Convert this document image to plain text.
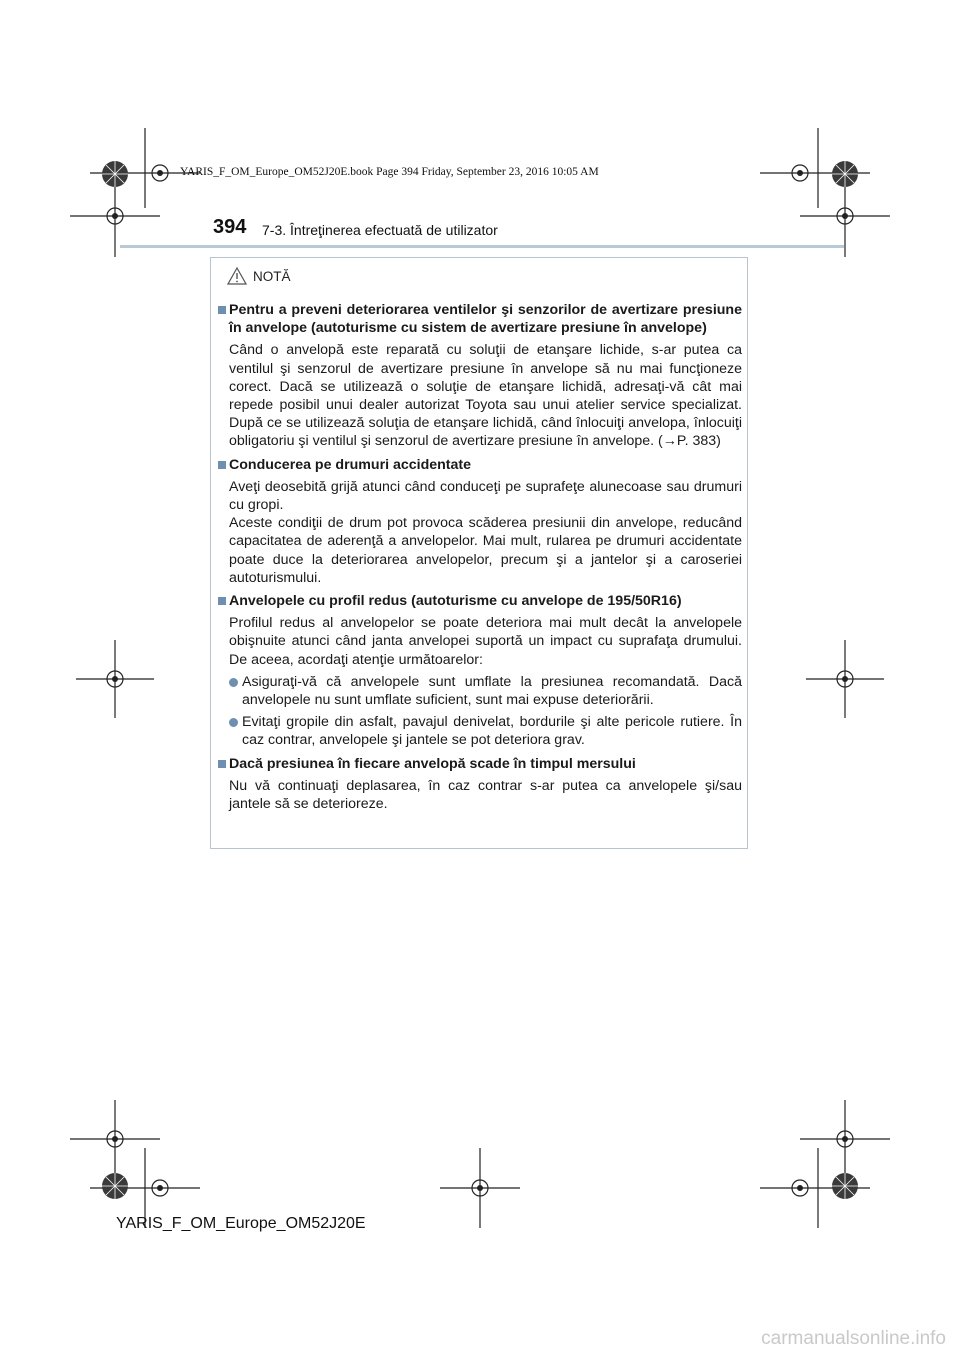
YARIS_F_OM_Europe_OM52J20E.book Page 394 Friday, September 23, 2016 10:05 AM
394 7-3. Întreţinerea efectuată de utilizator
NOTĂ
Pentru a preveni deteriorarea ventilelor şi senzorilor de avertizare presiune în anvelope (autoturisme cu sistem de avertizare presiune în anvelope)
Când o anvelopă este reparată cu soluţii de etanşare lichide, s-ar putea ca ventilul şi senzorul de avertizare presiune în anvelope să nu mai funcţioneze corect. Dacă se utilizează o soluţie de etanşare lichidă, adresaţi-vă cât mai repede posibil unui dealer autorizat Toyota sau unui atelier service specializat. După ce se utilizează soluţia de etanşare lichidă, când înlocuiţi anvelopa, înlocuiţi obligatoriu şi ventilul şi senzorul de avertizare presiune în anvelope. (→P. 383)
Conducerea pe drumuri accidentate
Aveţi deosebită grijă atunci când conduceţi pe suprafeţe alunecoase sau drumuri cu gropi.
Aceste condiţii de drum pot provoca scăderea presiunii din anvelope, reducând capacitatea de aderenţă a anvelopelor. Mai mult, rularea pe drumuri accidentate poate duce la deteriorarea anvelopelor, precum şi a jantelor şi a caroseriei autoturismului.
Anvelopele cu profil redus (autoturisme cu anvelope de 195/50R16)
Profilul redus al anvelopelor se poate deteriora mai mult decât la anvelopele obişnuite atunci când janta anvelopei suportă un impact cu suprafaţa drumului. De aceea, acordaţi atenţie următoarelor:
Asiguraţi-vă că anvelopele sunt umflate la presiunea recomandată. Dacă anvelopele nu sunt umflate suficient, sunt mai expuse deteriorării.
Evitaţi gropile din asfalt, pavajul denivelat, bordurile şi alte pericole rutiere. În caz contrar, anvelopele şi jantele se pot deteriora grav.
Dacă presiunea în fiecare anvelopă scade în timpul mersului
Nu vă continuaţi deplasarea, în caz contrar s-ar putea ca anvelopele şi/sau jantele să se deterioreze.
YARIS_F_OM_Europe_OM52J20E
carmanualsonline.info
